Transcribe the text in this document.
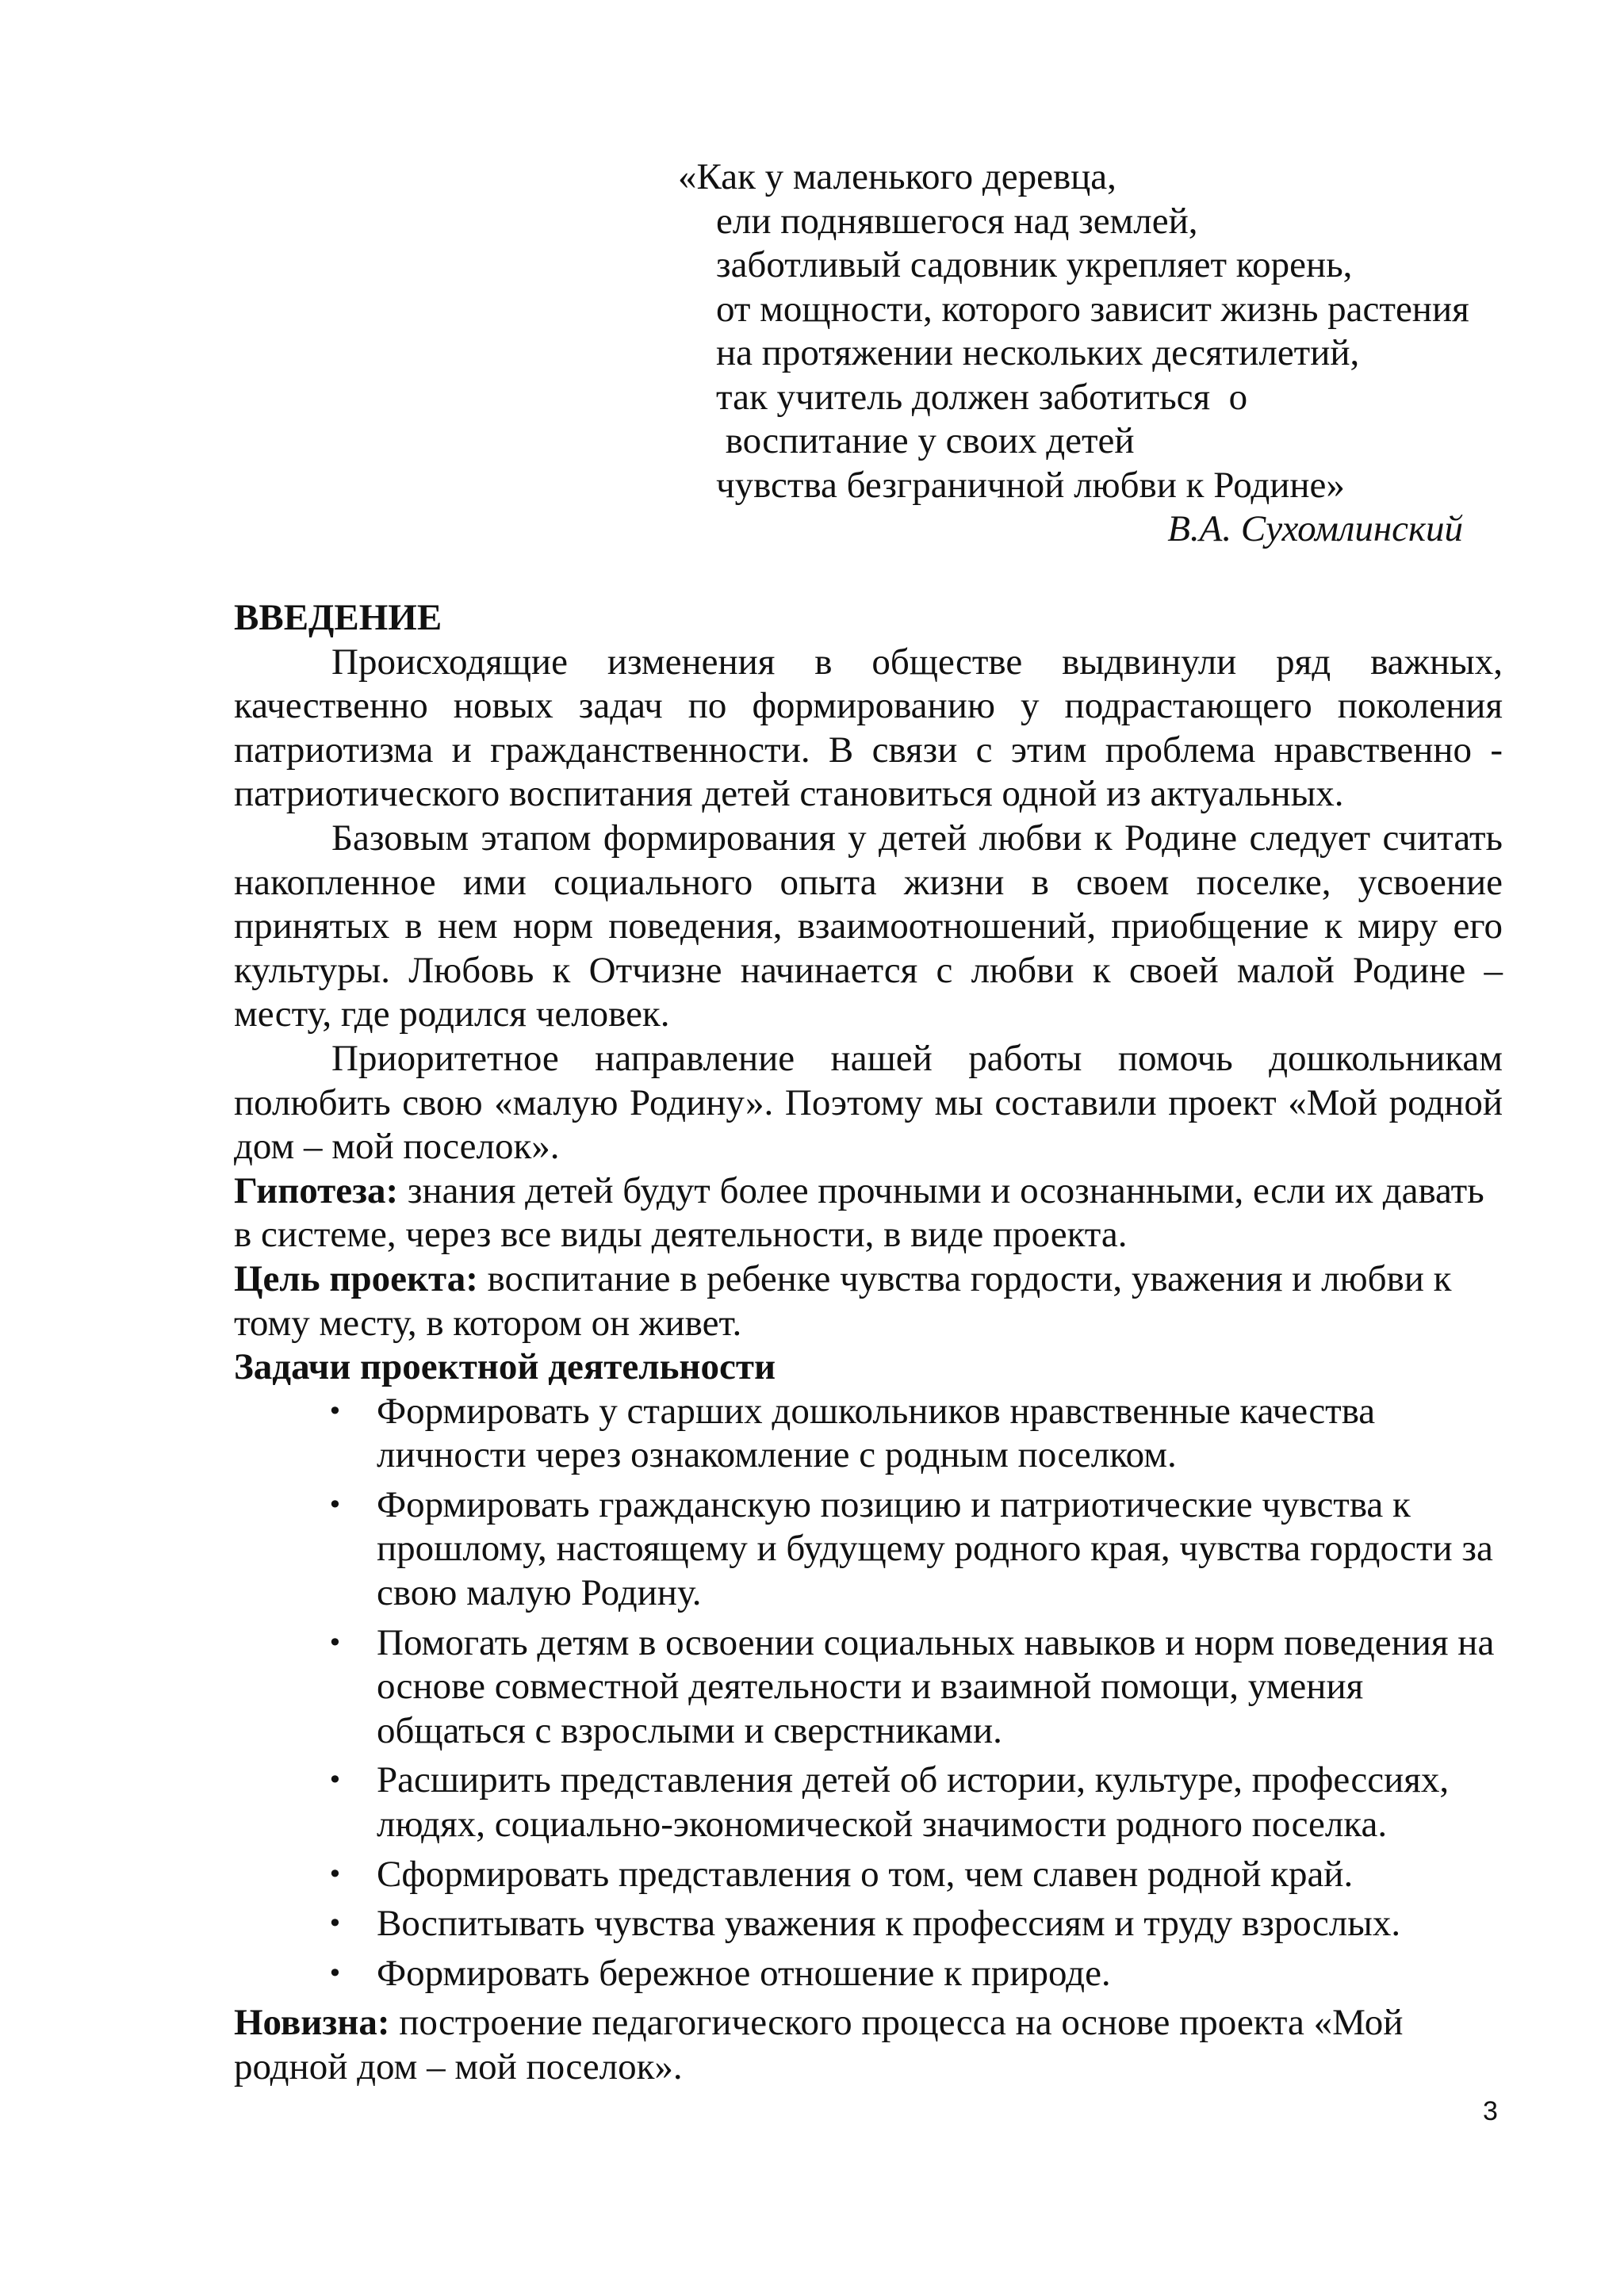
«Как у маленького деревца,
ели поднявшегося над землей,
заботливый садовник укрепляет корень,
от мощности, которого зависит жизнь растения
на протяжении нескольких десятилетий,
так учитель должен заботиться  о
воспитание у своих детей
чувства безграничной любви к Родине»
В.А. Сухомлинский

ВВЕДЕНИЕ

Происходящие изменения в обществе выдвинули ряд важных, качественно новых задач по формированию у подрастающего поколения патриотизма и гражданственности. В связи с этим проблема нравственно - патриотического воспитания детей становиться одной из актуальных.

Базовым этапом формирования у детей любви к Родине следует считать накопленное ими социального опыта жизни в своем поселке, усвоение принятых в нем норм поведения, взаимоотношений, приобщение к миру его культуры. Любовь к Отчизне начинается с любви к своей малой Родине – месту, где родился человек.

Приоритетное направление нашей работы помочь дошкольникам полюбить свою «малую Родину». Поэтому мы составили проект «Мой родной дом – мой поселок».

Гипотеза: знания детей будут более прочными и осознанными, если их давать в системе, через все виды деятельности, в виде проекта.

Цель проекта: воспитание в ребенке чувства гордости, уважения и любви к тому месту, в котором он живет.

Задачи проектной деятельности

• Формировать у старших дошкольников нравственные качества личности через ознакомление с родным поселком.
• Формировать гражданскую позицию и патриотические чувства к прошлому, настоящему и будущему родного края, чувства гордости за свою малую Родину.
• Помогать детям в освоении социальных навыков и норм поведения на основе совместной деятельности и взаимной помощи, умения общаться с взрослыми и сверстниками.
• Расширить представления детей об истории, культуре, профессиях, людях, социально-экономической значимости родного поселка.
• Сформировать представления о том, чем славен родной край.
• Воспитывать чувства уважения к профессиям и труду взрослых.
• Формировать бережное отношение к природе.

Новизна: построение педагогического процесса на основе проекта «Мой родной дом – мой поселок».

3
